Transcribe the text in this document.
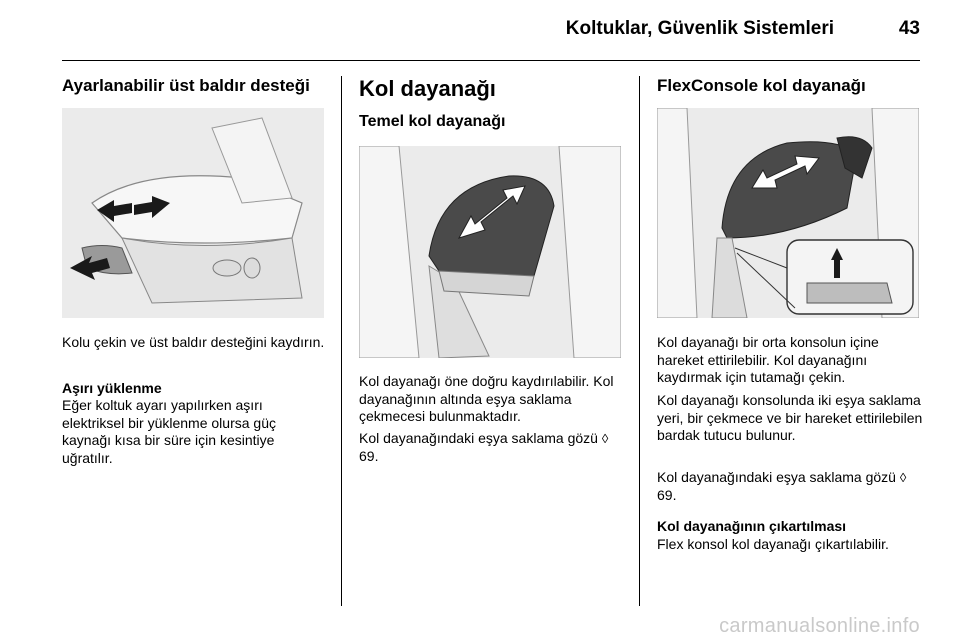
Koltuklar, Güvenlik Sistemleri	43
Ayarlanabilir üst baldır desteği

Kolu çekin ve üst baldır desteğini kaydırın.

Aşırı yüklenme

Eğer koltuk ayarı yapılırken aşırı elektriksel bir yüklenme olursa güç kaynağı kısa bir süre için kesintiye uğratılır.

Kol dayanağı
Temel kol dayanağı

Kol dayanağı öne doğru kaydırılabilir. Kol dayanağının altında eşya saklama çekmecesi bulunmaktadır.

Kol dayanağındaki eşya saklama gözü ◊ 69.

FlexConsole kol dayanağı

Kol dayanağı bir orta konsolun içine hareket ettirilebilir. Kol dayanağını kaydırmak için tutamağı çekin.

Kol dayanağı konsolunda iki eşya saklama yeri, bir çekmece ve bir hareket ettirilebilen bardak tutucu bulunur.

Kol dayanağındaki eşya saklama gözü ◊ 69.

Kol dayanağının çıkartılması

Flex konsol kol dayanağı çıkartılabilir.

carmanualsonline.info
